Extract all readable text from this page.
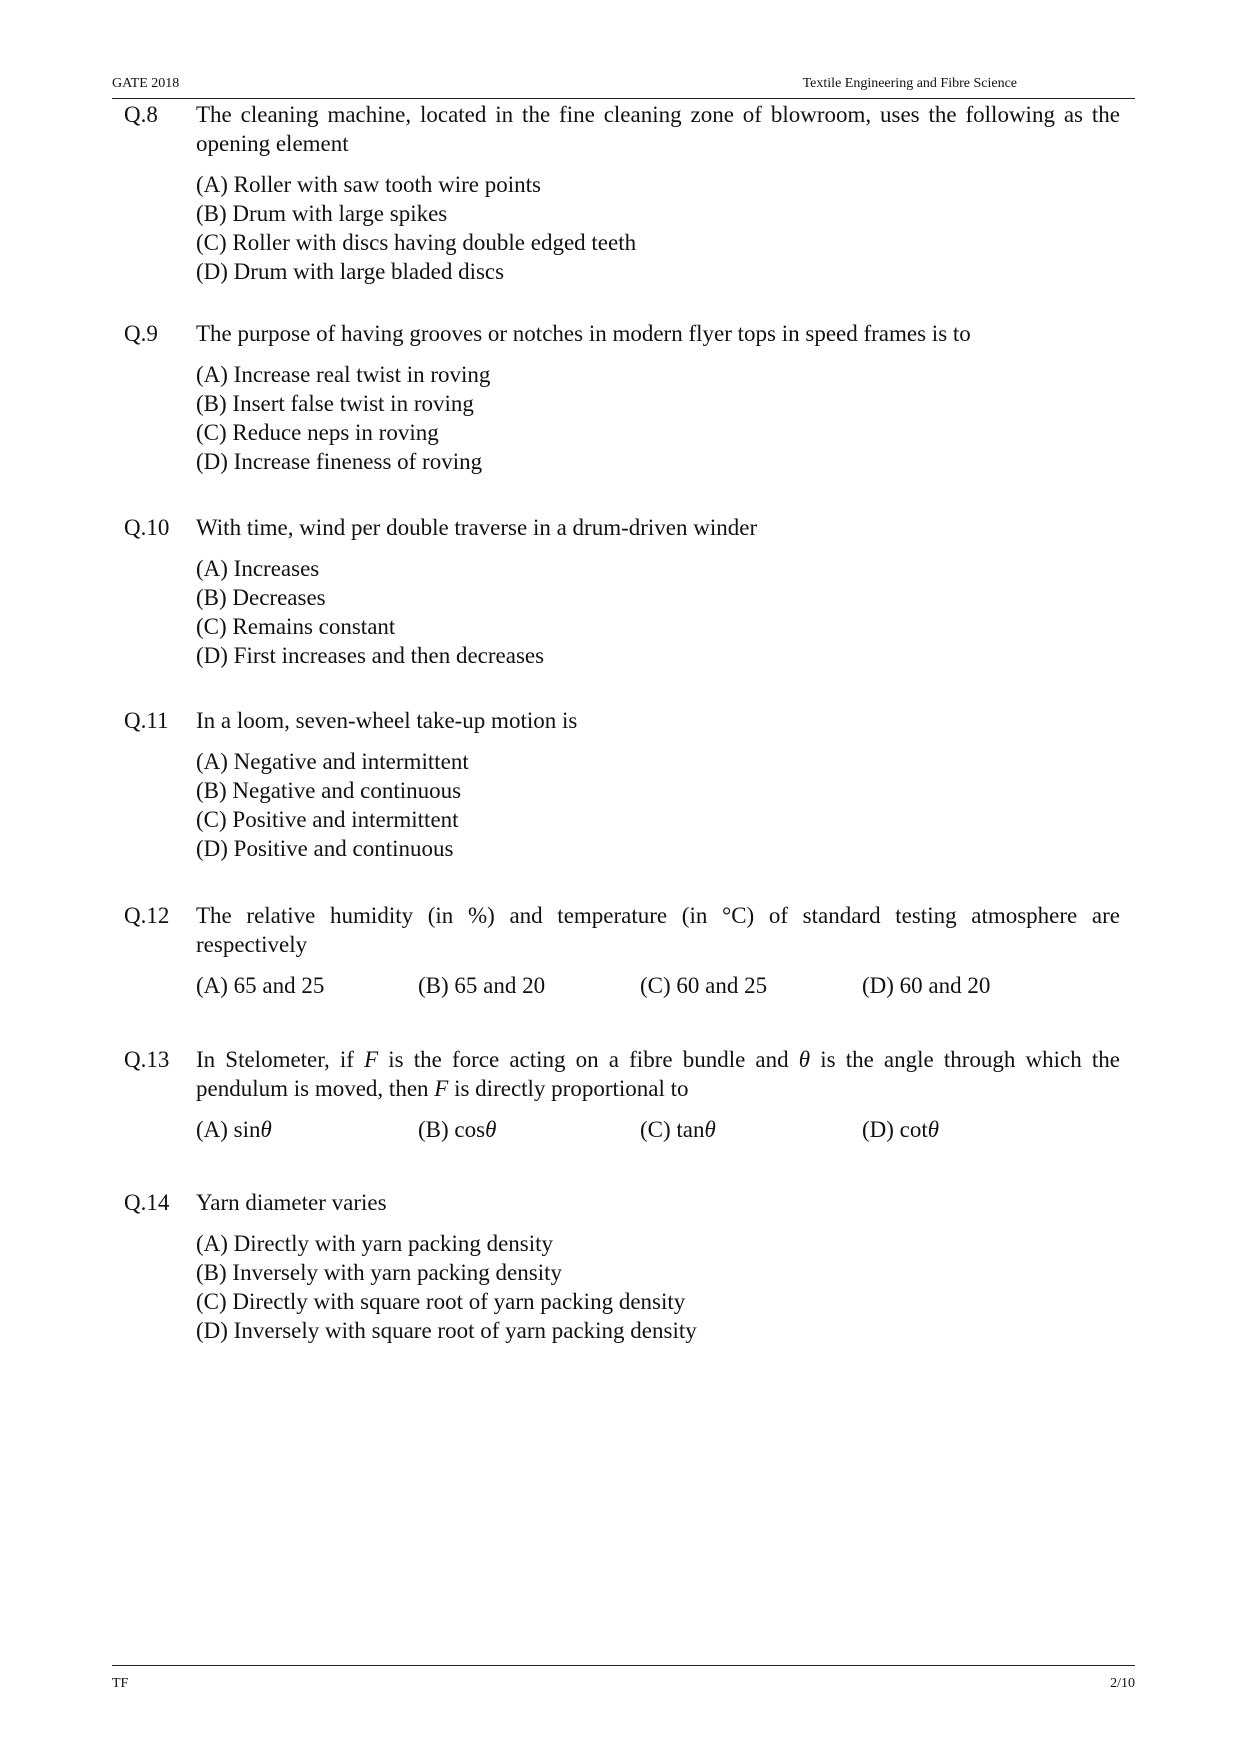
GATE 2018	Textile Engineering and Fibre Science
Q.8 The cleaning machine, located in the fine cleaning zone of blowroom, uses the following as the opening element
(A) Roller with saw tooth wire points
(B) Drum with large spikes
(C) Roller with discs having double edged teeth
(D) Drum with large bladed discs
Q.9 The purpose of having grooves or notches in modern flyer tops in speed frames is to
(A) Increase real twist in roving
(B) Insert false twist in roving
(C) Reduce neps in roving
(D) Increase fineness of roving
Q.10 With time, wind per double traverse in a drum-driven winder
(A) Increases
(B) Decreases
(C) Remains constant
(D) First increases and then decreases
Q.11 In a loom, seven-wheel take-up motion is
(A) Negative and intermittent
(B) Negative and continuous
(C) Positive and intermittent
(D) Positive and continuous
Q.12 The relative humidity (in %) and temperature (in °C) of standard testing atmosphere are respectively
(A) 65 and 25	(B) 65 and 20	(C) 60 and 25	(D) 60 and 20
Q.13 In Stelometer, if F is the force acting on a fibre bundle and θ is the angle through which the pendulum is moved, then F is directly proportional to
(A) sinθ	(B) cosθ	(C) tanθ	(D) cotθ
Q.14 Yarn diameter varies
(A) Directly with yarn packing density
(B) Inversely with yarn packing density
(C) Directly with square root of yarn packing density
(D) Inversely with square root of yarn packing density
TF	2/10
